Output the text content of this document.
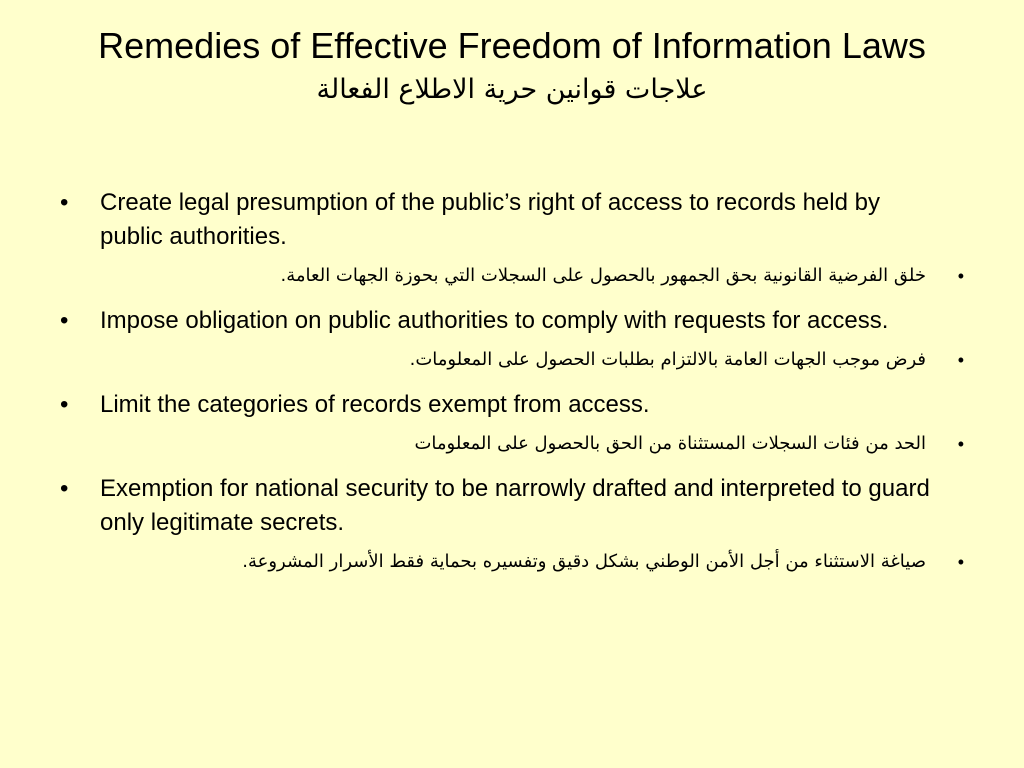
Remedies of Effective Freedom of Information Laws
علاجات قوانين حرية الاطلاع الفعالة
• Create legal presumption of the public’s right of access to records held by public authorities.
•
خلق الفرضية القانونية بحق الجمهور بالحصول على السجلات التي بحوزة الجهات العامة.
• Impose obligation on public authorities to comply with requests for access.
•
فرض موجب الجهات العامة بالالتزام بطلبات الحصول على المعلومات.
• Limit the categories of records exempt from access.
•
الحد من فئات السجلات المستثناة من الحق بالحصول على المعلومات
• Exemption for national security to be narrowly drafted and interpreted to guard only legitimate secrets.
•
صياغة الاستثناء من أجل الأمن الوطني بشكل دقيق وتفسيره بحماية فقط الأسرار المشروعة.
